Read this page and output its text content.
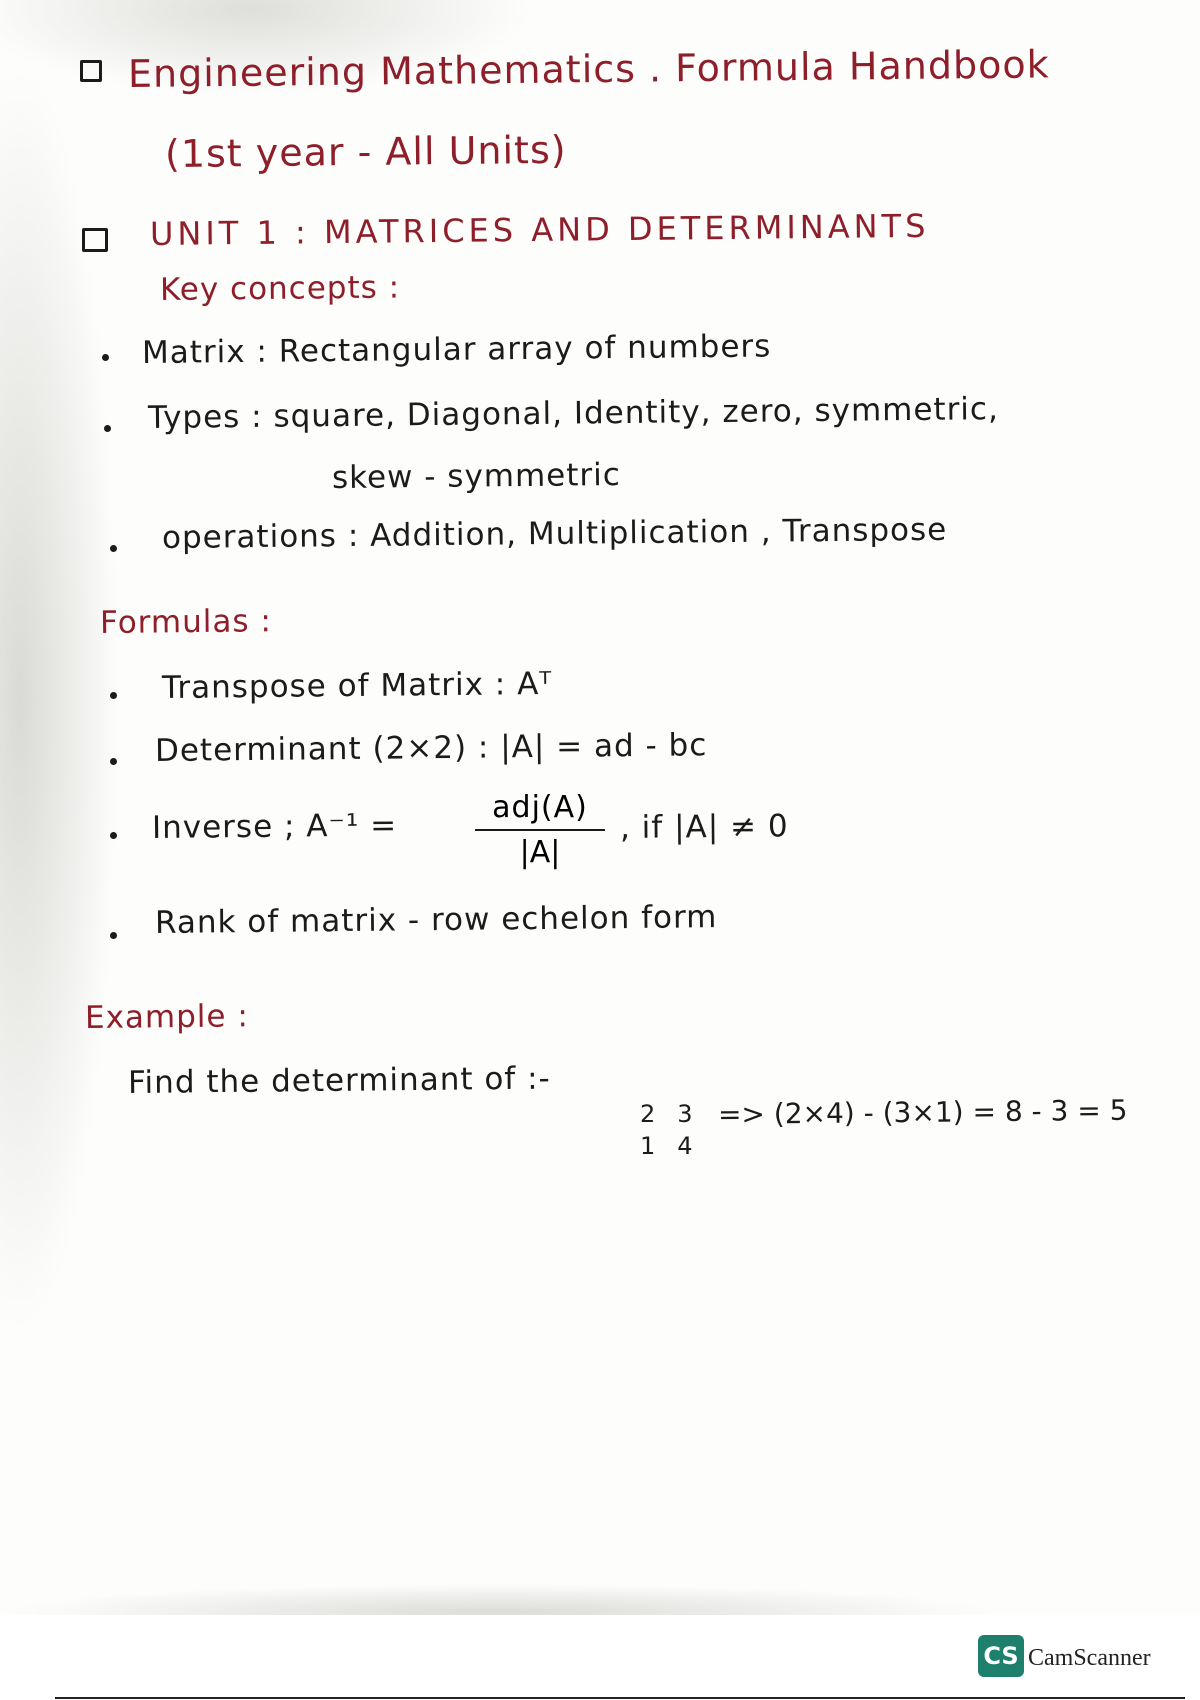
Engineering Mathematics . Formula Handbook
(1st year - All Units)
UNIT 1 : MATRICES AND DETERMINANTS
Key concepts :
Matrix : Rectangular array of numbers
Types : square, Diagonal, Identity, zero, symmetric,
skew - symmetric
operations : Addition, Multiplication , Transpose
Formulas :
Transpose of Matrix : Aᵀ
Determinant (2×2) : |A| = ad - bc
Inverse ; A⁻¹ =	adj(A)
|A|
, if |A| ≠ 0
Rank of matrix - row echelon form
Example :
Find the determinant of :-
2 3
1 4
=> (2×4) - (3×1) = 8 - 3 = 5
CS CamScanner
